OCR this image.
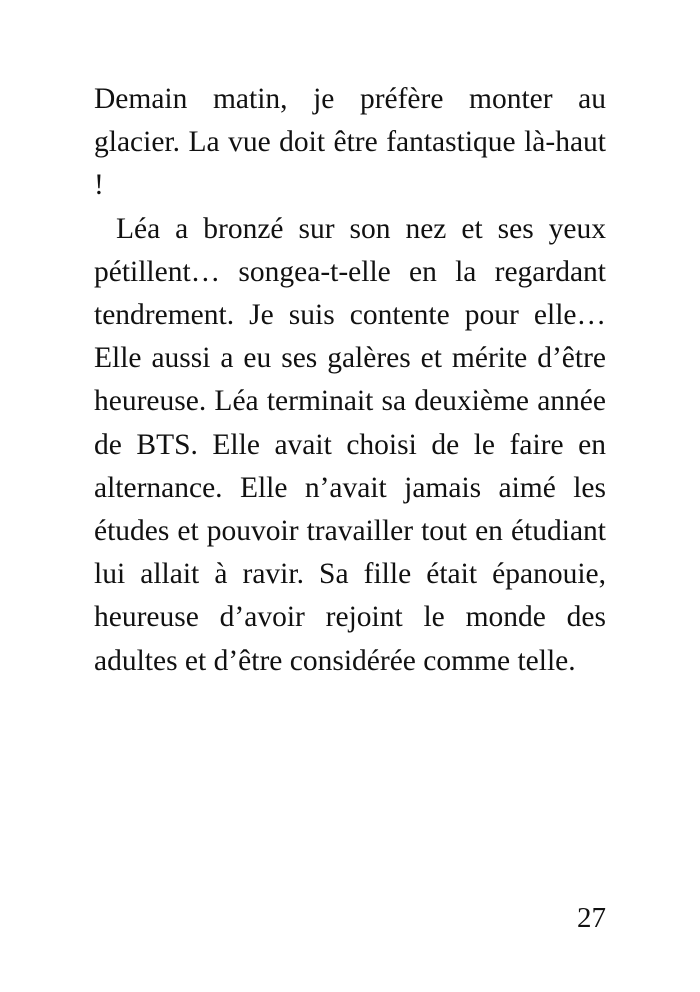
Demain matin, je préfère monter au glacier. La vue doit être fantastique là-haut !

Léa a bronzé sur son nez et ses yeux pétillent… songea-t-elle en la regardant tendrement. Je suis contente pour elle… Elle aussi a eu ses galères et mérite d’être heureuse. Léa terminait sa deuxième année de BTS. Elle avait choisi de le faire en alternance. Elle n’avait jamais aimé les études et pouvoir travailler tout en étudiant lui allait à ravir. Sa fille était épanouie, heureuse d’avoir rejoint le monde des adultes et d’être considérée comme telle.

27
